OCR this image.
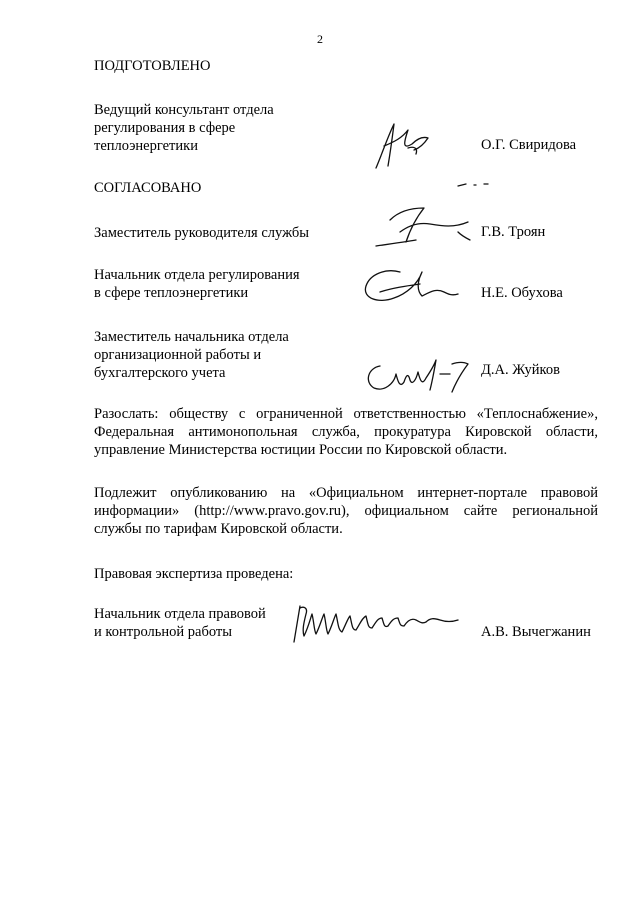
2
ПОДГОТОВЛЕНО
Ведущий консультант отдела
регулирования в сфере
теплоэнергетики	О.Г. Свиридова
СОГЛАСОВАНО
Заместитель руководителя службы	Г.В. Троян
Начальник отдела регулирования
в сфере теплоэнергетики	Н.Е. Обухова
Заместитель начальника отдела
организационной работы и
бухгалтерского учета	Д.А. Жуйков
Разослать: обществу с ограниченной ответственностью «Теплоснабжение», Федеральная антимонопольная служба, прокуратура Кировской области, управление Министерства юстиции России по Кировской области.
Подлежит опубликованию на «Официальном интернет-портале правовой информации» (http://www.pravo.gov.ru), официальном сайте региональной службы по тарифам Кировской области.
Правовая экспертиза проведена:
Начальник отдела правовой
и контрольной работы	А.В. Вычегжанин
